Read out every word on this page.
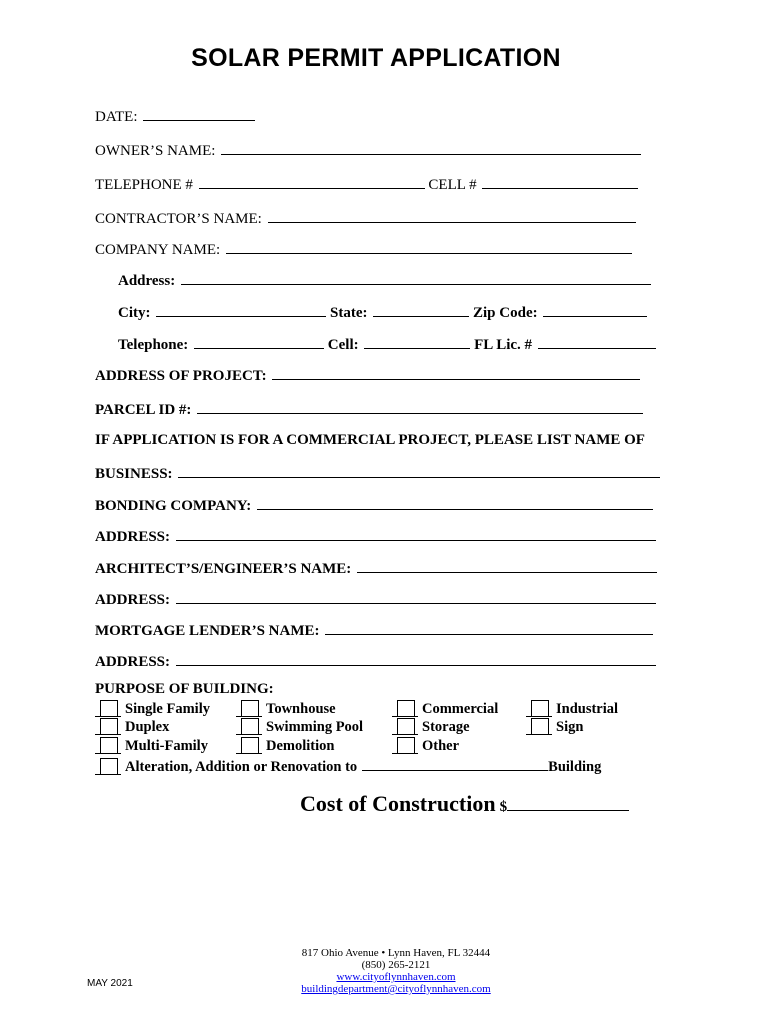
SOLAR PERMIT APPLICATION
DATE:
OWNER’S NAME:
TELEPHONE #	CELL #
CONTRACTOR’S NAME:
COMPANY NAME:
Address:
City:	State:	Zip Code:
Telephone:	Cell:	FL Lic. #
ADDRESS OF PROJECT:
PARCEL ID #:
IF APPLICATION IS FOR A COMMERCIAL PROJECT, PLEASE LIST NAME OF
BUSINESS:
BONDING COMPANY:
ADDRESS:
ARCHITECT’S/ENGINEER’S NAME:
ADDRESS:
MORTGAGE LENDER’S NAME:
ADDRESS:
PURPOSE OF BUILDING:
Single Family
Duplex
Multi-Family
Alteration, Addition or Renovation to	Building
Townhouse
Swimming Pool
Demolition
Commercial
Storage
Other
Industrial
Sign
Cost of Construction $
MAY 2021
817 Ohio Avenue • Lynn Haven, FL 32444
(850) 265-2121
www.cityoflynnhaven.com
buildingdepartment@cityoflynnhaven.com
